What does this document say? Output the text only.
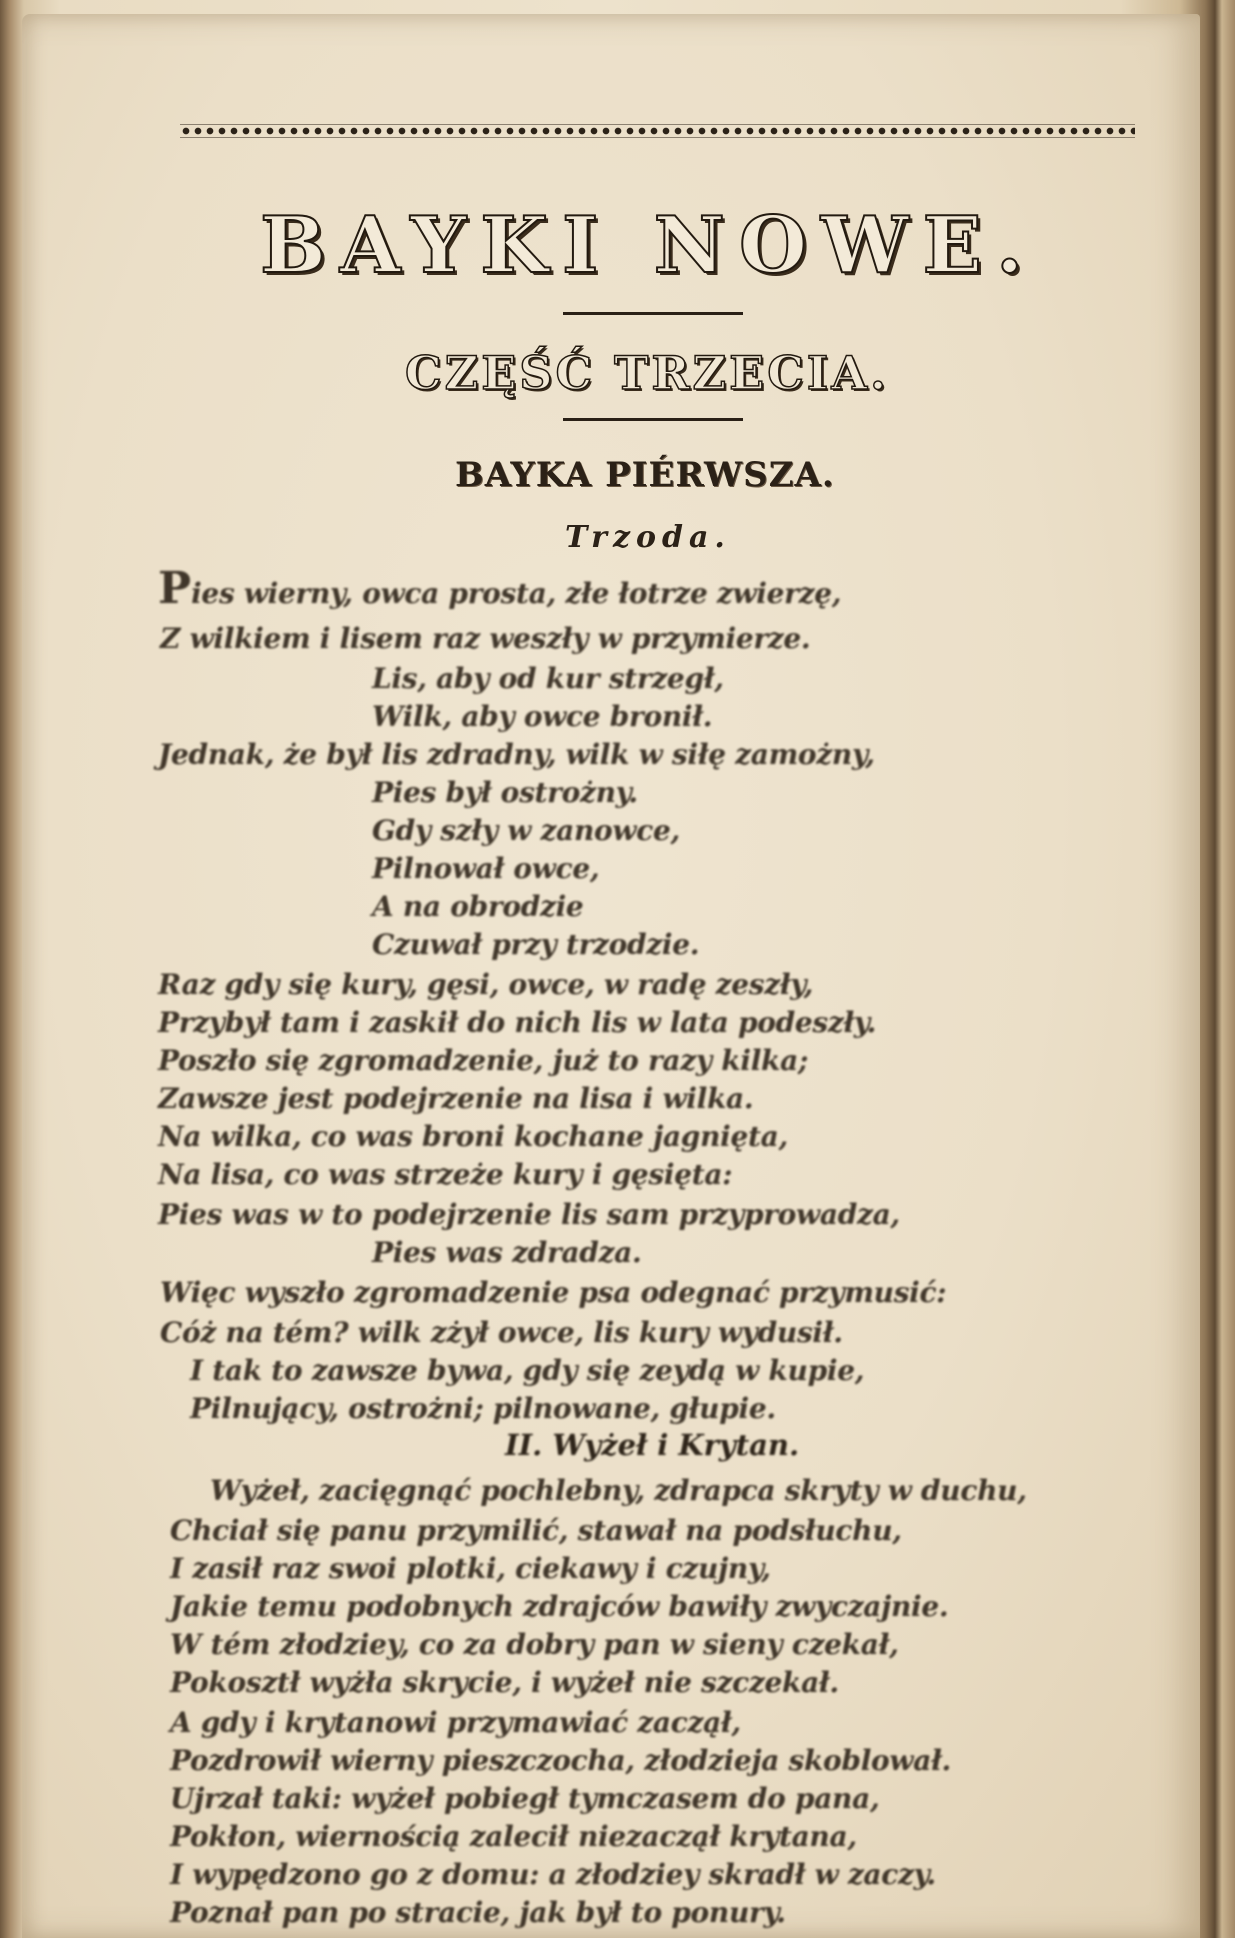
BAYKI NOWE.
CZĘŚĆ TRZECIA.
BAYKA PIÉRWSZA.
Trzoda.
Pies wierny, owca prosta, złe łotrze zwierzę,
Z wilkiem i lisem raz weszły w przymierze.
Lis, aby od kur strzegł,
Wilk, aby owce bronił.
Jednak, że był lis zdradny, wilk w siłę zamożny,
Pies był ostrożny.
Gdy szły w zanowce,
Pilnował owce,
A na obrodzie
Czuwał przy trzodzie.
Raz gdy się kury, gęsi, owce, w radę zeszły,
Przybył tam i zaskił do nich lis w lata podeszły.
Poszło się zgromadzenie, już to razy kilka;
Zawsze jest podejrzenie na lisa i wilka.
Na wilka, co was broni kochane jagnięta,
Na lisa, co was strzeże kury i gęsięta:
Pies was w to podejrzenie lis sam przyprowadza,
Pies was zdradza.
Więc wyszło zgromadzenie psa odegnać przymusić:
Cóż na tém? wilk zżył owce, lis kury wydusił.
I tak to zawsze bywa, gdy się zeydą w kupie,
Pilnujący, ostrożni; pilnowane, głupie.
II. Wyżeł i Krytan.
Wyżeł, zacięgnąć pochlebny, zdrapca skryty w duchu,
Chciał się panu przymilić, stawał na podsłuchu,
I zasił raz swoi plotki, ciekawy i czujny,
Jakie temu podobnych zdrajców bawiły zwyczajnie.
W tém złodziey, co za dobry pan w sieny czekał,
Pokosztł wyżła skrycie, i wyżeł nie szczekał.
A gdy i krytanowi przymawiać zaczął,
Pozdrowił wierny pieszczocha, złodzieja skoblował.
Ujrzał taki: wyżeł pobiegł tymczasem do pana,
Pokłon, wiernością zalecił niezaczął krytana,
I wypędzono go z domu: a złodziey skradł w zaczy.
Poznał pan po stracie, jak był to ponury.
